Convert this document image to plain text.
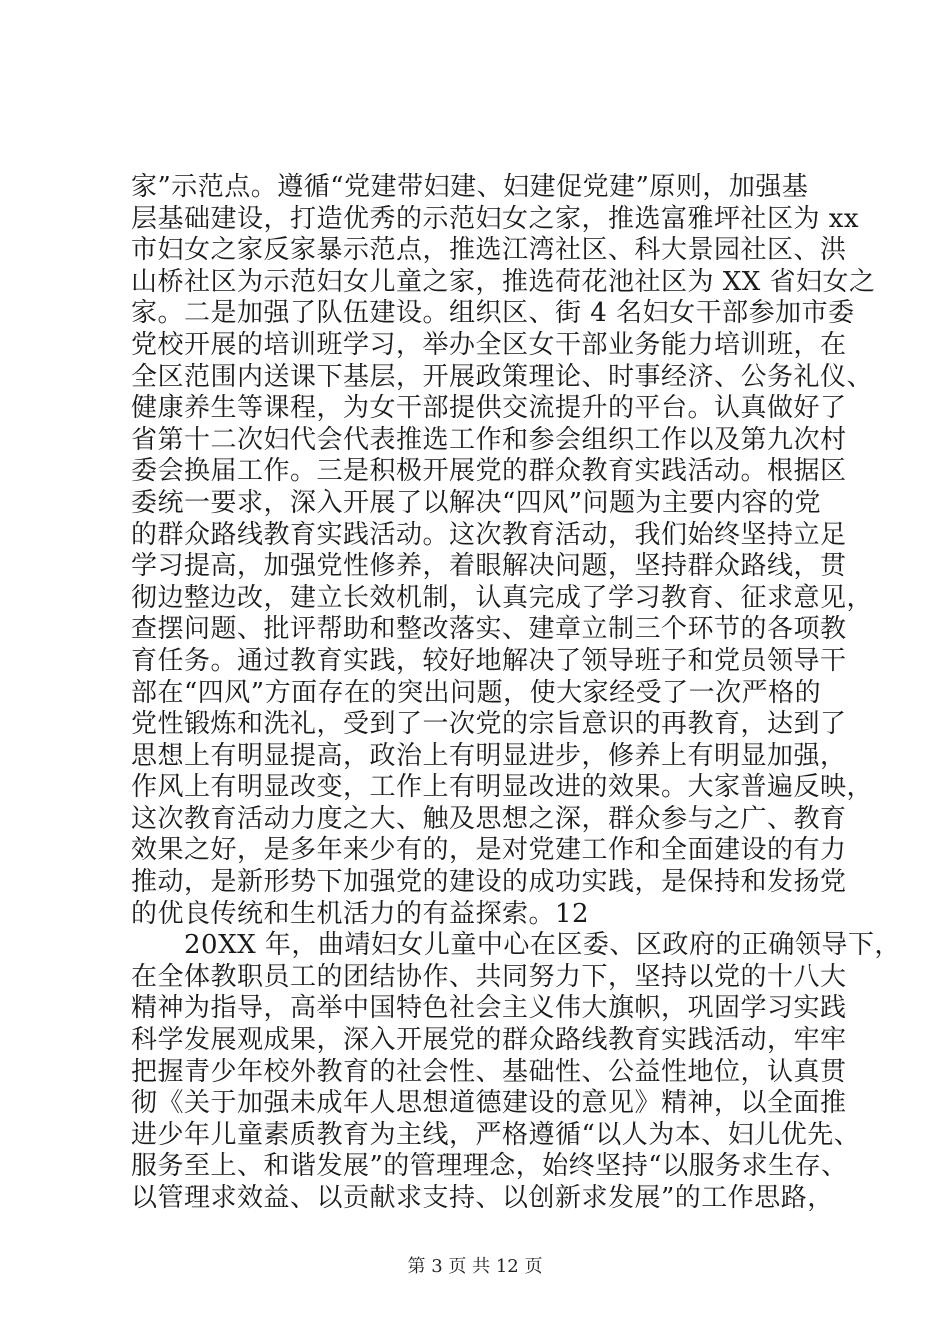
家”示范点。遵循“党建带妇建、妇建促党建”原则，加强基
层基础建设，打造优秀的示范妇女之家，推选富雅坪社区为 xx
市妇女之家反家暴示范点，推选江湾社区、科大景园社区、洪
山桥社区为示范妇女儿童之家，推选荷花池社区为 XX 省妇女之
家。二是加强了队伍建设。组织区、街 4 名妇女干部参加市委
党校开展的培训班学习，举办全区女干部业务能力培训班，在
全区范围内送课下基层，开展政策理论、时事经济、公务礼仪、
健康养生等课程，为女干部提供交流提升的平台。认真做好了
省第十二次妇代会代表推选工作和参会组织工作以及第九次村
委会换届工作。三是积极开展党的群众教育实践活动。根据区
委统一要求，深入开展了以解决“四风”问题为主要内容的党
的群众路线教育实践活动。这次教育活动，我们始终坚持立足
学习提高，加强党性修养，着眼解决问题，坚持群众路线，贯
彻边整边改，建立长效机制，认真完成了学习教育、征求意见，
查摆问题、批评帮助和整改落实、建章立制三个环节的各项教
育任务。通过教育实践，较好地解决了领导班子和党员领导干
部在“四风”方面存在的突出问题，使大家经受了一次严格的
党性锻炼和洗礼，受到了一次党的宗旨意识的再教育，达到了
思想上有明显提高，政治上有明显进步，修养上有明显加强，
作风上有明显改变，工作上有明显改进的效果。大家普遍反映，
这次教育活动力度之大、触及思想之深，群众参与之广、教育
效果之好，是多年来少有的，是对党建工作和全面建设的有力
推动，是新形势下加强党的建设的成功实践，是保持和发扬党
的优良传统和生机活力的有益探索。12
　　20XX 年，曲靖妇女儿童中心在区委、区政府的正确领导下，
在全体教职员工的团结协作、共同努力下，坚持以党的十八大
精神为指导，高举中国特色社会主义伟大旗帜，巩固学习实践
科学发展观成果，深入开展党的群众路线教育实践活动，牢牢
把握青少年校外教育的社会性、基础性、公益性地位，认真贯
彻《关于加强未成年人思想道德建设的意见》精神，以全面推
进少年儿童素质教育为主线，严格遵循“以人为本、妇儿优先、
服务至上、和谐发展”的管理理念，始终坚持“以服务求生存、
以管理求效益、以贡献求支持、以创新求发展”的工作思路，
第 3 页 共 12 页
